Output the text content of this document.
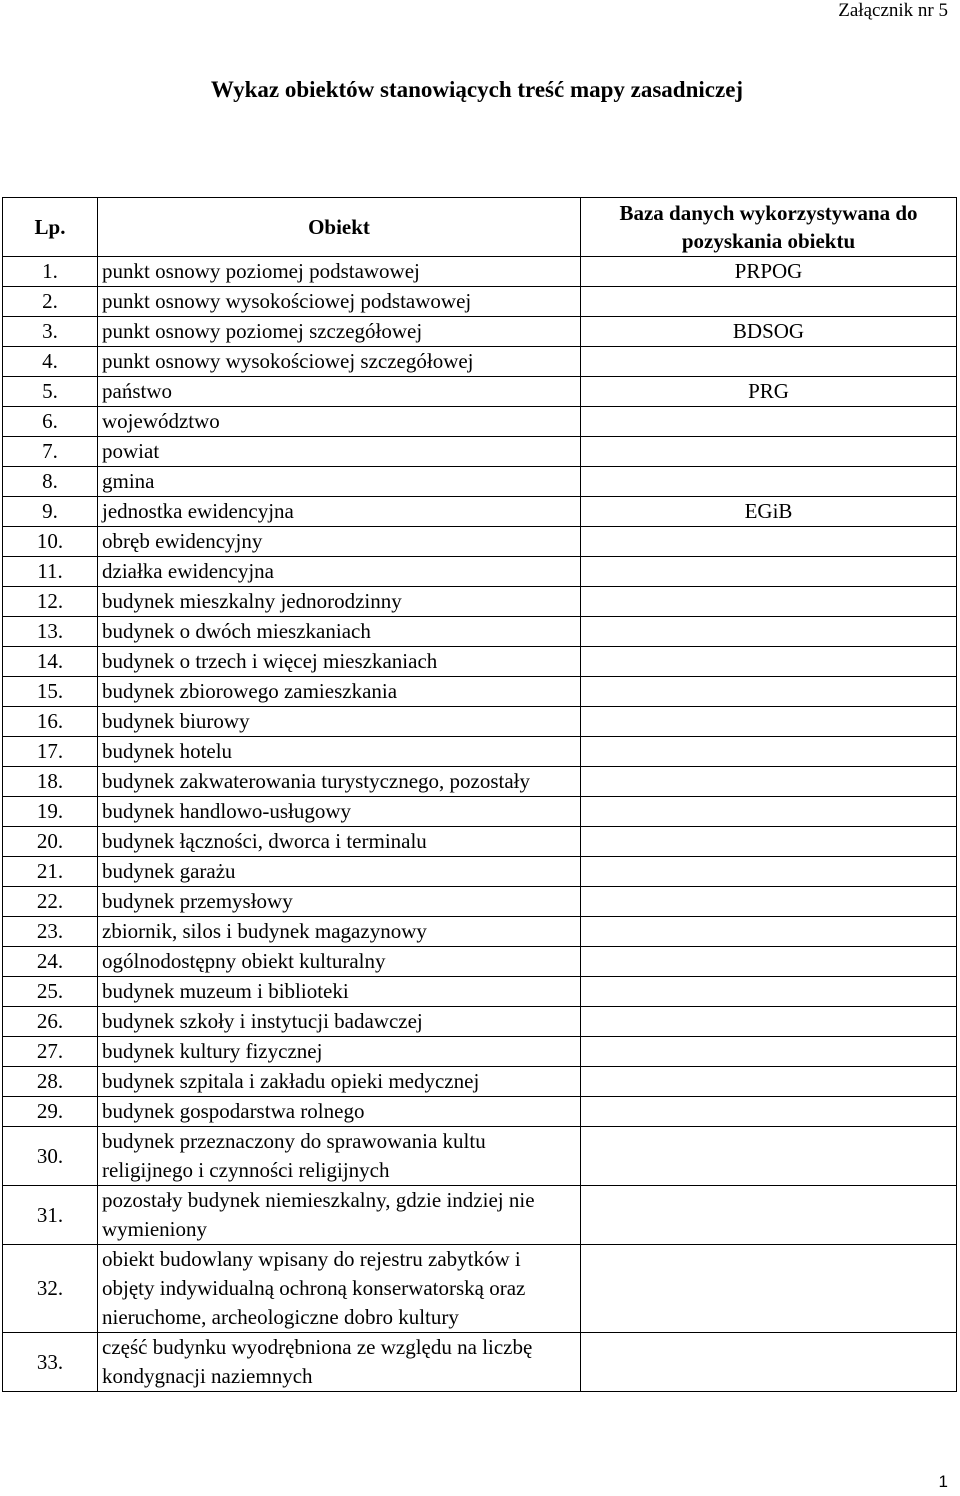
Załącznik nr 5
Wykaz obiektów stanowiących treść mapy zasadniczej
Lp.	Obiekt	Baza danych wykorzystywana do pozyskania obiektu
1.	punkt osnowy poziomej podstawowej	PRPOG
2.	punkt osnowy wysokościowej podstawowej	
3.	punkt osnowy poziomej szczegółowej	BDSOG
4.	punkt osnowy wysokościowej szczegółowej	
5.	państwo	PRG
6.	województwo	
7.	powiat	
8.	gmina	
9.	jednostka ewidencyjna	EGiB
10.	obręb ewidencyjny	
11.	działka ewidencyjna	
12.	budynek mieszkalny jednorodzinny	
13.	budynek o dwóch mieszkaniach	
14.	budynek o trzech i więcej mieszkaniach	
15.	budynek zbiorowego zamieszkania	
16.	budynek biurowy	
17.	budynek hotelu	
18.	budynek zakwaterowania turystycznego, pozostały	
19.	budynek handlowo-usługowy	
20.	budynek łączności, dworca i terminalu	
21.	budynek garażu	
22.	budynek przemysłowy	
23.	zbiornik, silos i budynek magazynowy	
24.	ogólnodostępny obiekt kulturalny	
25.	budynek muzeum i biblioteki	
26.	budynek szkoły i instytucji badawczej	
27.	budynek kultury fizycznej	
28.	budynek szpitala i zakładu opieki medycznej	
29.	budynek gospodarstwa rolnego	
30.	budynek przeznaczony do sprawowania kultu religijnego i czynności religijnych	
31.	pozostały budynek niemieszkalny, gdzie indziej nie wymieniony	
32.	obiekt budowlany wpisany do rejestru zabytków i objęty indywidualną ochroną konserwatorską oraz nieruchome, archeologiczne dobro kultury	
33.	część budynku wyodrębniona ze względu na liczbę kondygnacji naziemnych	
1
